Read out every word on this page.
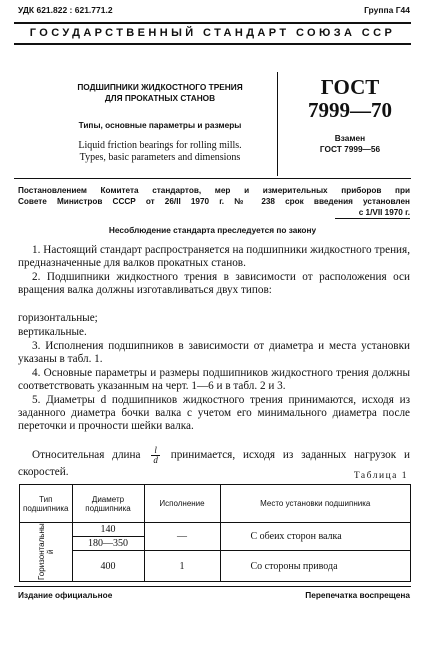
УДК 621.822 : 621.771.2	Группа Г44
ГОСУДАРСТВЕННЫЙ СТАНДАРТ СОЮЗА ССР
ПОДШИПНИКИ ЖИДКОСТНОГО ТРЕНИЯ
ДЛЯ ПРОКАТНЫХ СТАНОВ
Типы, основные параметры и размеры
Liquid friction bearings for rolling mills.
Types, basic parameters and dimensions
ГОСТ
7999—70
Взамен
ГОСТ 7999—56
Постановлением Комитета стандартов, мер и измерительных приборов при
Совете Министров СССР от 26/II 1970 г. № 238 срок введения установлен
с 1/VII 1970 г.
Несоблюдение стандарта преследуется по закону
1. Настоящий стандарт распространяется на подшипники жидкостного трения, предназначенные для валков прокатных станов.
2. Подшипники жидкостного трения в зависимости от расположения оси вращения валка должны изготавливаться двух типов:
горизонтальные;
вертикальные.
3. Исполнения подшипников в зависимости от диаметра и места установки указаны в табл. 1.
4. Основные параметры и размеры подшипников жидкостного трения должны соответствовать указанным на черт. 1—6 и в табл. 2 и 3.
5. Диаметры d подшипников жидкостного трения принимаются, исходя из заданного диаметра бочки валка с учетом его минимального диаметра после переточки и прочности шейки валка.
Относительная длина $\frac{l}{d}$ принимается, исходя из заданных нагрузок и скоростей.	Таблица 1
Тип подшипника	Диаметр подшипника	Исполнение	Место установки подшипника

Горизонтальный	140	—	С обеих сторон валка
	180—350		
	400	1	Со стороны привода
Издание официальное	Перепечатка воспрещена
